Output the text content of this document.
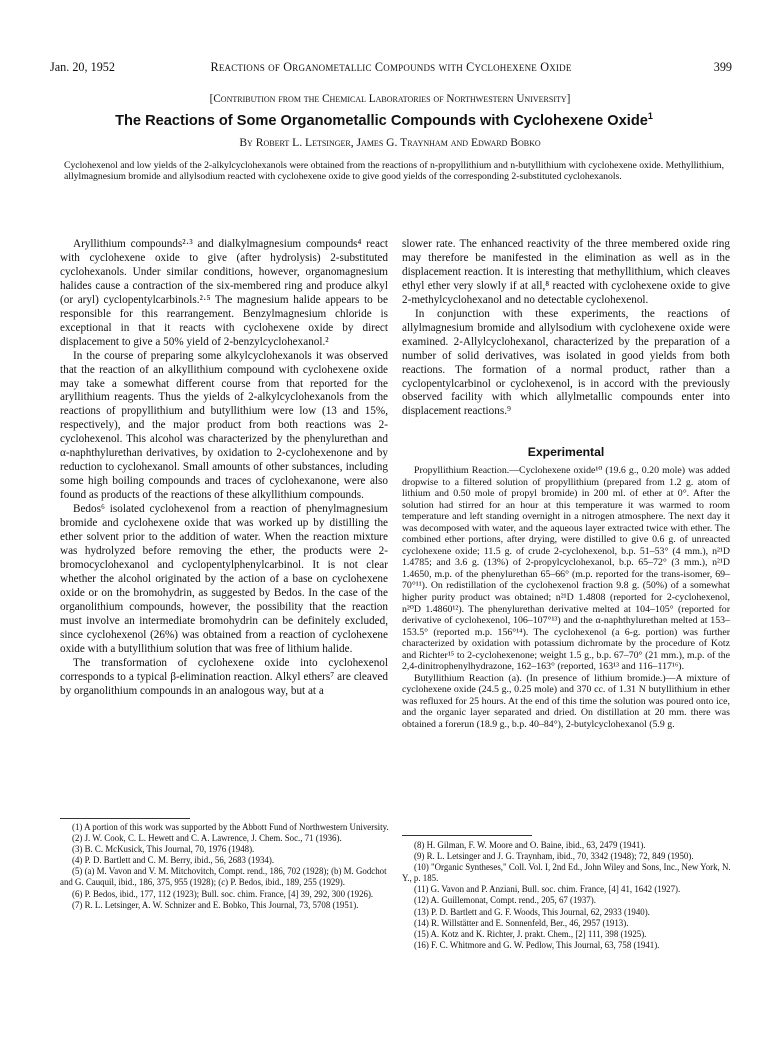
Jan. 20, 1952	Reactions of Organometallic Compounds with Cyclohexene Oxide	399
[Contribution from the Chemical Laboratories of Northwestern University]
The Reactions of Some Organometallic Compounds with Cyclohexene Oxide$^1$
By Robert L. Letsinger, James G. Traynham and Edward Bobko
Cyclohexenol and low yields of the 2-alkylcyclohexanols were obtained from the reactions of n-propyllithium and n-butyllithium with cyclohexene oxide. Methyllithium, allylmagnesium bromide and allylsodium reacted with cyclohexene oxide to give good yields of the corresponding 2-substituted cyclohexanols.

Aryllithium compounds²·³ and dialkylmagnesium compounds⁴ react with cyclohexene oxide to give (after hydrolysis) 2-substituted cyclohexanols. Under similar conditions, however, organomagnesium halides cause a contraction of the six-membered ring and produce alkyl (or aryl) cyclopentylcarbinols.²·⁵ The magnesium halide appears to be responsible for this rearrangement. Benzylmagnesium chloride is exceptional in that it reacts with cyclohexene oxide by direct displacement to give a 50% yield of 2-benzylcyclohexanol.²

In the course of preparing some alkylcyclohexanols it was observed that the reaction of an alkyllithium compound with cyclohexene oxide may take a somewhat different course from that reported for the aryllithium reagents. Thus the yields of 2-alkylcyclohexanols from the reactions of propyllithium and butyllithium were low (13 and 15%, respectively), and the major product from both reactions was 2-cyclohexenol. This alcohol was characterized by the phenylurethan and α-naphthylurethan derivatives, by oxidation to 2-cyclohexenone and by reduction to cyclohexanol. Small amounts of other substances, including some high boiling compounds and traces of cyclohexanone, were also found as products of the reactions of these alkyllithium compounds.

Bedos⁶ isolated cyclohexenol from a reaction of phenylmagnesium bromide and cyclohexene oxide that was worked up by distilling the ether solvent prior to the addition of water. When the reaction mixture was hydrolyzed before removing the ether, the products were 2-bromocyclohexanol and cyclopentylphenylcarbinol. It is not clear whether the alcohol originated by the action of a base on cyclohexene oxide or on the bromohydrin, as suggested by Bedos. In the case of the organolithium compounds, however, the possibility that the reaction must involve an intermediate bromohydrin can be definitely excluded, since cyclohexenol (26%) was obtained from a reaction of cyclohexene oxide with a butyllithium solution that was free of lithium halide.

The transformation of cyclohexene oxide into cyclohexenol corresponds to a typical β-elimination reaction. Alkyl ethers⁷ are cleaved by organolithium compounds in an analogous way, but at a

slower rate. The enhanced reactivity of the three membered oxide ring may therefore be manifested in the elimination as well as in the displacement reaction. It is interesting that methyllithium, which cleaves ethyl ether very slowly if at all,⁸ reacted with cyclohexene oxide to give 2-methylcyclohexanol and no detectable cyclohexenol.

In conjunction with these experiments, the reactions of allylmagnesium bromide and allylsodium with cyclohexene oxide were examined. 2-Allylcyclohexanol, characterized by the preparation of a number of solid derivatives, was isolated in good yields from both reactions. The formation of a normal product, rather than a cyclopentylcarbinol or cyclohexenol, is in accord with the previously observed facility with which allylmetallic compounds enter into displacement reactions.⁹

Experimental

Propyllithium Reaction.—Cyclohexene oxide¹⁰ (19.6 g., 0.20 mole) was added dropwise to a filtered solution of propyllithium (prepared from 1.2 g. atom of lithium and 0.50 mole of propyl bromide) in 200 ml. of ether at 0°. After the solution had stirred for an hour at this temperature it was warmed to room temperature and left standing overnight in a nitrogen atmosphere. The next day it was decomposed with water, and the aqueous layer extracted twice with ether. The combined ether portions, after drying, were distilled to give 0.6 g. of unreacted cyclohexene oxide; 11.5 g. of crude 2-cyclohexenol, b.p. 51–53° (4 mm.), n²¹D 1.4785; and 3.6 g. (13%) of 2-propylcyclohexanol, b.p. 65–72° (3 mm.), n²¹D 1.4650, m.p. of the phenylurethan 65–66° (m.p. reported for the trans-isomer, 69–70°¹¹). On redistillation of the cyclohexenol fraction 9.8 g. (50%) of a somewhat higher purity product was obtained; n²¹D 1.4808 (reported for 2-cyclohexenol, n²⁰D 1.4860¹²). The phenylurethan derivative melted at 104–105° (reported for derivative of cyclohexenol, 106–107°¹³) and the α-naphthylurethan melted at 153–153.5° (reported m.p. 156°¹⁴). The cyclohexenol (a 6-g. portion) was further characterized by oxidation with potassium dichromate by the procedure of Kotz and Richter¹⁵ to 2-cyclohexenone; weight 1.5 g., b.p. 67–70° (21 mm.), m.p. of the 2,4-dinitrophenylhydrazone, 162–163° (reported, 163¹³ and 116–117¹⁶).

Butyllithium Reaction (a). (In presence of lithium bromide.)—A mixture of cyclohexene oxide (24.5 g., 0.25 mole) and 370 cc. of 1.31 N butyllithium in ether was refluxed for 25 hours. At the end of this time the solution was poured onto ice, and the organic layer separated and dried. On distillation at 20 mm. there was obtained a forerun (18.9 g., b.p. 40–84°), 2-butylcyclohexanol (5.9 g.

(1) A portion of this work was supported by the Abbott Fund of Northwestern University.
(2) J. W. Cook, C. L. Hewett and C. A. Lawrence, J. Chem. Soc., 71 (1936).
(3) B. C. McKusick, This Journal, 70, 1976 (1948).
(4) P. D. Bartlett and C. M. Berry, ibid., 56, 2683 (1934).
(5) (a) M. Vavon and V. M. Mitchovitch, Compt. rend., 186, 702 (1928); (b) M. Godchot and G. Cauquil, ibid., 186, 375, 955 (1928); (c) P. Bedos, ibid., 189, 255 (1929).
(6) P. Bedos, ibid., 177, 112 (1923); Bull. soc. chim. France, [4] 39, 292, 300 (1926).
(7) R. L. Letsinger, A. W. Schnizer and E. Bobko, This Journal, 73, 5708 (1951).
(8) H. Gilman, F. W. Moore and O. Baine, ibid., 63, 2479 (1941).
(9) R. L. Letsinger and J. G. Traynham, ibid., 70, 3342 (1948); 72, 849 (1950).
(10) "Organic Syntheses," Coll. Vol. I, 2nd Ed., John Wiley and Sons, Inc., New York, N. Y., p. 185.
(11) G. Vavon and P. Anziani, Bull. soc. chim. France, [4] 41, 1642 (1927).
(12) A. Guillemonat, Compt. rend., 205, 67 (1937).
(13) P. D. Bartlett and G. F. Woods, This Journal, 62, 2933 (1940).
(14) R. Willstätter and E. Sonnenfeld, Ber., 46, 2957 (1913).
(15) A. Kotz and K. Richter, J. prakt. Chem., [2] 111, 398 (1925).
(16) F. C. Whitmore and G. W. Pedlow, This Journal, 63, 758 (1941).
